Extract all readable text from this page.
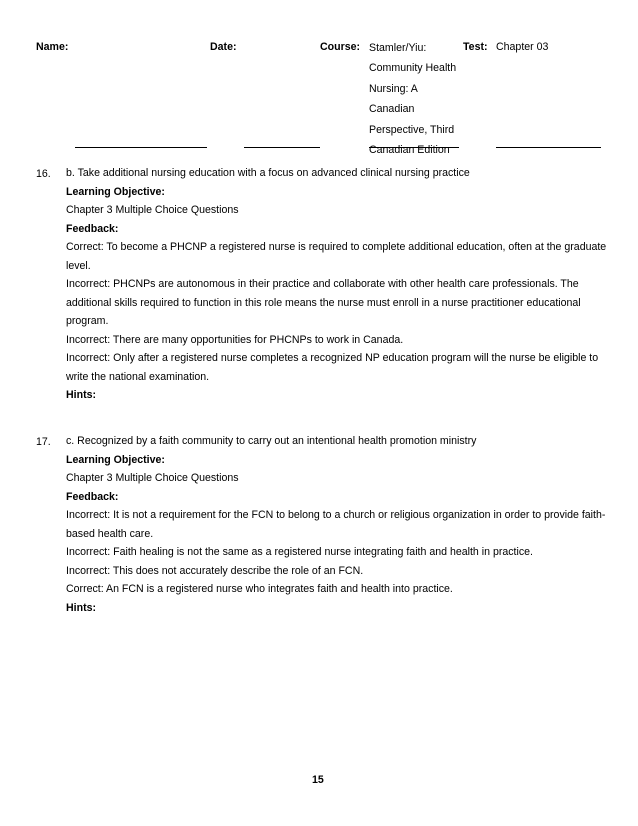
Name:	Date:	Course: Stamler/Yiu:
Community Health
Nursing: A
Canadian
Perspective, Third
Canadian Edition
Test: Chapter 03
16. b. Take additional nursing education with a focus on advanced clinical nursing practice
Learning Objective:
Chapter 3 Multiple Choice Questions
Feedback:
Correct: To become a PHCNP a registered nurse is required to complete additional education, often at the graduate
level.
Incorrect: PHCNPs are autonomous in their practice and collaborate with other health care professionals. The
additional skills required to function in this role means the nurse must enroll in a nurse practitioner educational
program.
Incorrect: There are many opportunities for PHCNPs to work in Canada.
Incorrect: Only after a registered nurse completes a recognized NP education program will the nurse be eligible to
write the national examination.
Hints:
17. c. Recognized by a faith community to carry out an intentional health promotion ministry
Learning Objective:
Chapter 3 Multiple Choice Questions
Feedback:
Incorrect: It is not a requirement for the FCN to belong to a church or religious organization in order to provide faith-
based health care.
Incorrect: Faith healing is not the same as a registered nurse integrating faith and health in practice.
Incorrect: This does not accurately describe the role of an FCN.
Correct: An FCN is a registered nurse who integrates faith and health into practice.
Hints:
15
